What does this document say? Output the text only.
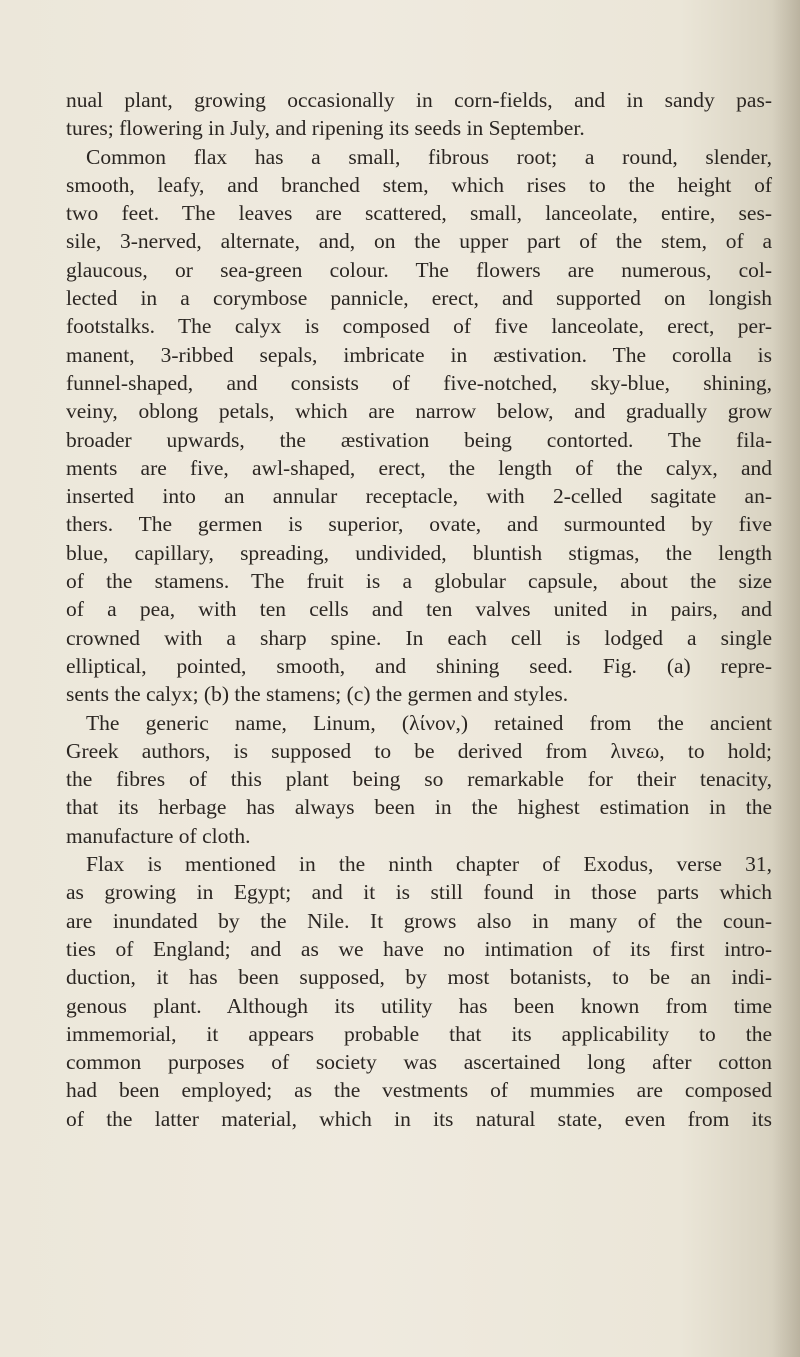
nual plant, growing occasionally in corn-fields, and in sandy pas-
tures; flowering in July, and ripening its seeds in September.
Common flax has a small, fibrous root; a round, slender,
smooth, leafy, and branched stem, which rises to the height of
two feet. The leaves are scattered, small, lanceolate, entire, ses-
sile, 3-nerved, alternate, and, on the upper part of the stem, of a
glaucous, or sea-green colour. The flowers are numerous, col-
lected in a corymbose pannicle, erect, and supported on longish
footstalks. The calyx is composed of five lanceolate, erect, per-
manent, 3-ribbed sepals, imbricate in æstivation. The corolla is
funnel-shaped, and consists of five-notched, sky-blue, shining,
veiny, oblong petals, which are narrow below, and gradually grow
broader upwards, the æstivation being contorted. The fila-
ments are five, awl-shaped, erect, the length of the calyx, and
inserted into an annular receptacle, with 2-celled sagitate an-
thers. The germen is superior, ovate, and surmounted by five
blue, capillary, spreading, undivided, bluntish stigmas, the length
of the stamens. The fruit is a globular capsule, about the size
of a pea, with ten cells and ten valves united in pairs, and
crowned with a sharp spine. In each cell is lodged a single
elliptical, pointed, smooth, and shining seed. Fig. (a) repre-
sents the calyx; (b) the stamens; (c) the germen and styles.
The generic name, Linum, (λίνον,) retained from the ancient
Greek authors, is supposed to be derived from λινεω, to hold;
the fibres of this plant being so remarkable for their tenacity,
that its herbage has always been in the highest estimation in the
manufacture of cloth.
Flax is mentioned in the ninth chapter of Exodus, verse 31,
as growing in Egypt; and it is still found in those parts which
are inundated by the Nile. It grows also in many of the coun-
ties of England; and as we have no intimation of its first intro-
duction, it has been supposed, by most botanists, to be an indi-
genous plant. Although its utility has been known from time
immemorial, it appears probable that its applicability to the
common purposes of society was ascertained long after cotton
had been employed; as the vestments of mummies are composed
of the latter material, which in its natural state, even from its
